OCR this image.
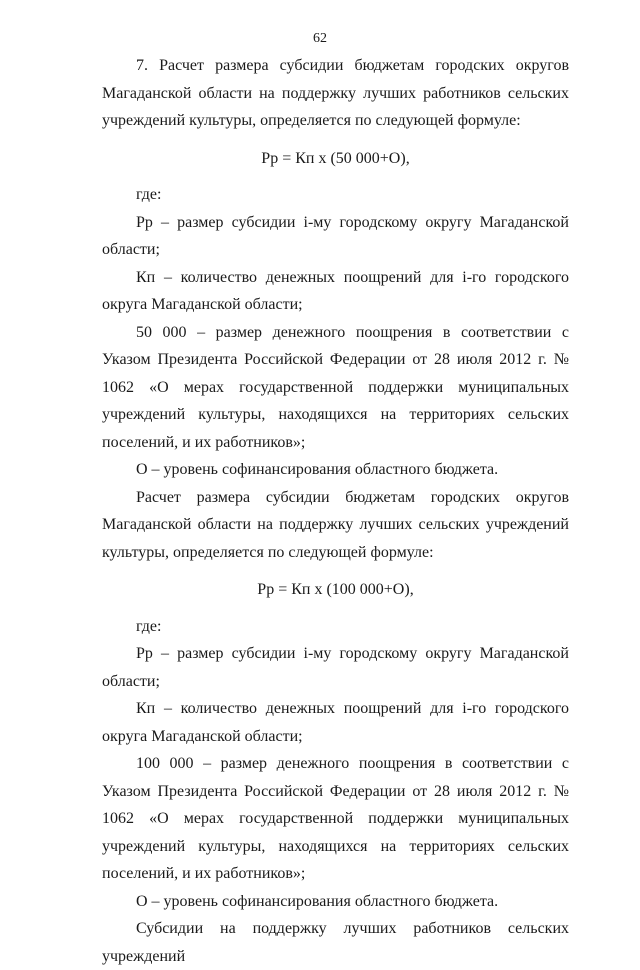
62

7. Расчет размера субсидии бюджетам городских округов Магаданской области на поддержку лучших работников сельских учреждений культуры, определяется по следующей формуле:

Рр = Кп х (50 000+О),

где:

Рр – размер субсидии i-му городскому округу Магаданской области;

Кп – количество денежных поощрений для i-го городского округа Магаданской области;

50 000 – размер денежного поощрения в соответствии с Указом Президента Российской Федерации от 28 июля 2012 г. № 1062 «О мерах государственной поддержки муниципальных учреждений культуры, находящихся на территориях сельских поселений, и их работников»;

О – уровень софинансирования областного бюджета.

Расчет размера субсидии бюджетам городских округов Магаданской области на поддержку лучших сельских учреждений культуры, определяется по следующей формуле:

Рр = Кп х (100 000+О),

где:

Рр – размер субсидии i-му городскому округу Магаданской области;

Кп – количество денежных поощрений для i-го городского округа Магаданской области;

100 000 – размер денежного поощрения в соответствии с Указом Президента Российской Федерации от 28 июля 2012 г. № 1062 «О мерах государственной поддержки муниципальных учреждений культуры, находящихся на территориях сельских поселений, и их работников»;

О – уровень софинансирования областного бюджета.

Субсидии на поддержку лучших работников сельских учреждений
